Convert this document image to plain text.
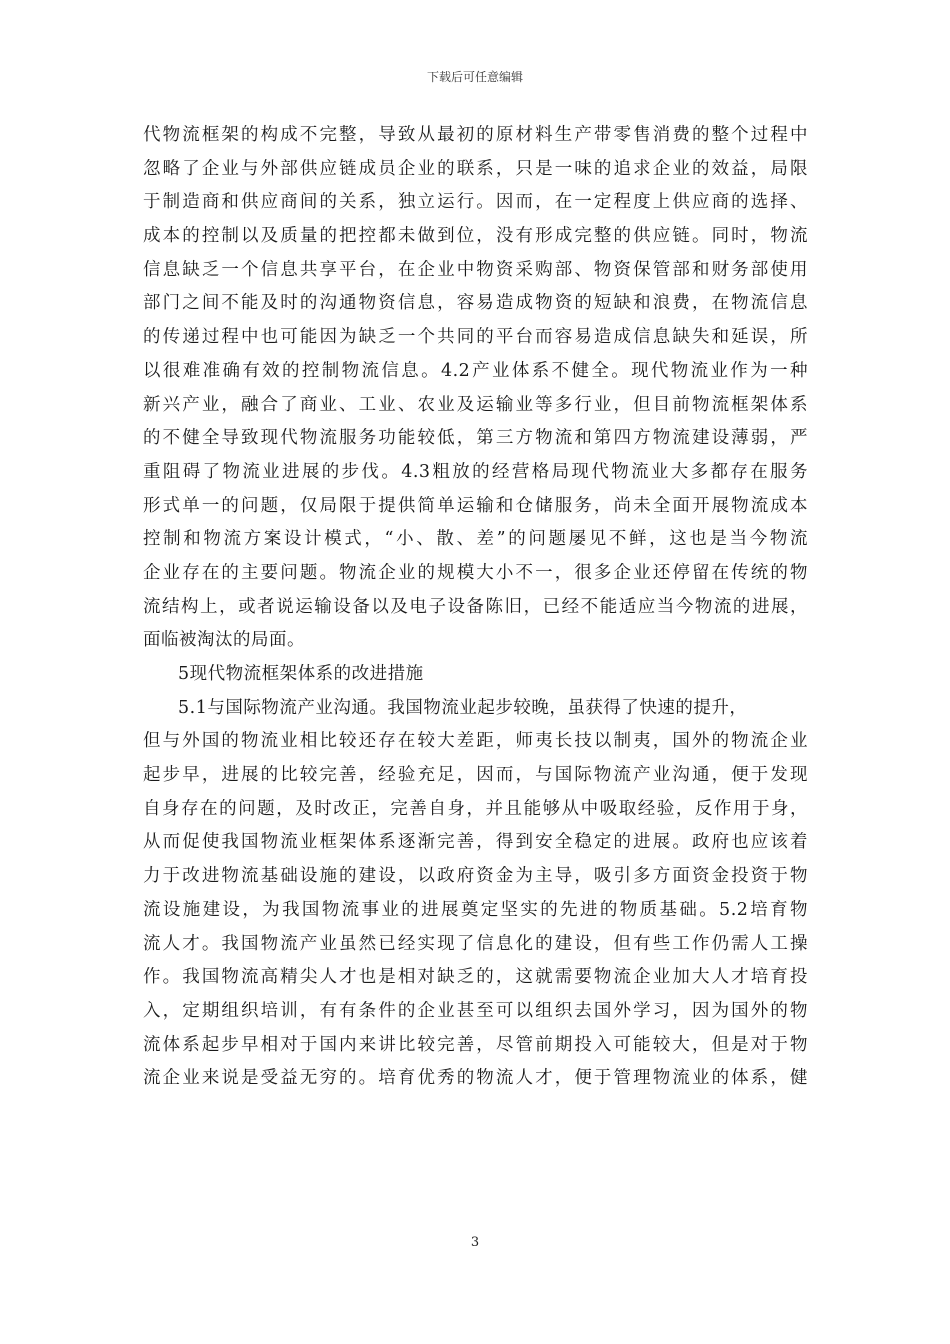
下载后可任意编辑
代物流框架的构成不完整，导致从最初的原材料生产带零售消费的整个过程中
忽略了企业与外部供应链成员企业的联系，只是一味的追求企业的效益，局限
于制造商和供应商间的关系，独立运行。因而，在一定程度上供应商的选择、
成本的控制以及质量的把控都未做到位，没有形成完整的供应链。同时，物流
信息缺乏一个信息共享平台，在企业中物资采购部、物资保管部和财务部使用
部门之间不能及时的沟通物资信息，容易造成物资的短缺和浪费，在物流信息
的传递过程中也可能因为缺乏一个共同的平台而容易造成信息缺失和延误，所
以很难准确有效的控制物流信息。4.2产业体系不健全。现代物流业作为一种
新兴产业，融合了商业、工业、农业及运输业等多行业，但目前物流框架体系
的不健全导致现代物流服务功能较低，第三方物流和第四方物流建设薄弱，严
重阻碍了物流业进展的步伐。4.3粗放的经营格局现代物流业大多都存在服务
形式单一的问题，仅局限于提供简单运输和仓储服务，尚未全面开展物流成本
控制和物流方案设计模式，“小、散、差”的问题屡见不鲜，这也是当今物流
企业存在的主要问题。物流企业的规模大小不一，很多企业还停留在传统的物
流结构上，或者说运输设备以及电子设备陈旧，已经不能适应当今物流的进展，
面临被淘汰的局面。
5现代物流框架体系的改进措施
5.1与国际物流产业沟通。我国物流业起步较晚，虽获得了快速的提升，
但与外国的物流业相比较还存在较大差距，师夷长技以制夷，国外的物流企业
起步早，进展的比较完善，经验充足，因而，与国际物流产业沟通，便于发现
自身存在的问题，及时改正，完善自身，并且能够从中吸取经验，反作用于身，
从而促使我国物流业框架体系逐渐完善，得到安全稳定的进展。政府也应该着
力于改进物流基础设施的建设，以政府资金为主导，吸引多方面资金投资于物
流设施建设，为我国物流事业的进展奠定坚实的先进的物质基础。5.2培育物
流人才。我国物流产业虽然已经实现了信息化的建设，但有些工作仍需人工操
作。我国物流高精尖人才也是相对缺乏的，这就需要物流企业加大人才培育投
入，定期组织培训，有有条件的企业甚至可以组织去国外学习，因为国外的物
流体系起步早相对于国内来讲比较完善，尽管前期投入可能较大，但是对于物
流企业来说是受益无穷的。培育优秀的物流人才，便于管理物流业的体系，健
3
